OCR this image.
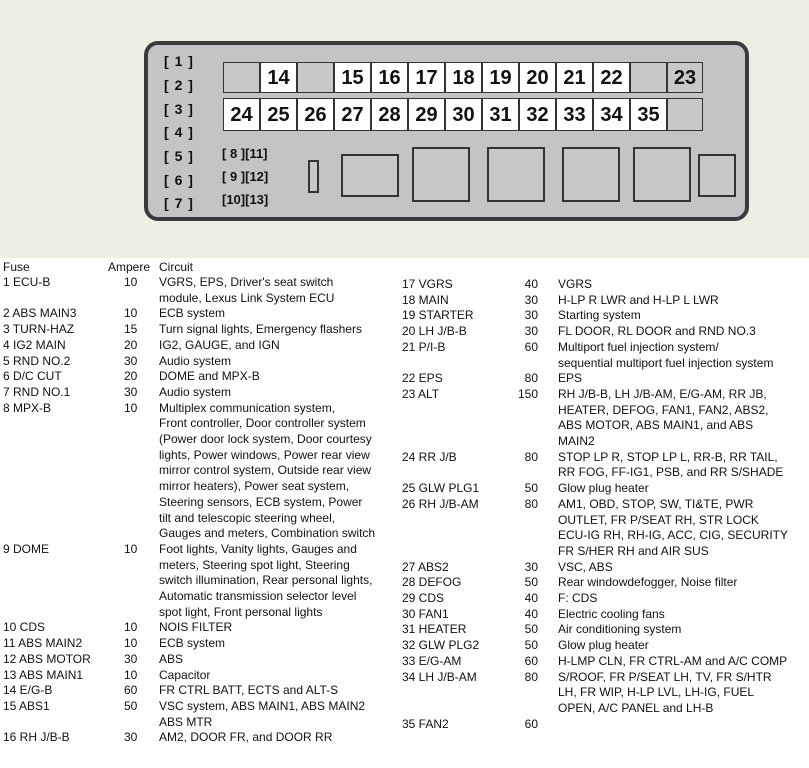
[ 1 ]
[ 2 ]
[ 3 ]
[ 4 ]
[ 5 ]
[ 6 ]
[ 7 ]
14	15 16 17 18 19 20 21 22	23
24 25 26 27 28 29 30 31 32 33 34 35
[ 8 ][11]
[ 9 ][12]
[10][13]
Fuse	Ampere Circuit
1 ECU-B	10 VGRS, EPS, Driver's seat switch
module, Lexus Link System ECU
2 ABS MAIN3	10 ECB system
3 TURN-HAZ	15 Turn signal lights, Emergency flashers
4 IG2 MAIN	20 IG2, GAUGE, and IGN
5 RND NO.2	30 Audio system
6 D/C CUT	20 DOME and MPX-B
7 RND NO.1	30 Audio system
8 MPX-B	10 Multiplex communication system,
Front controller, Door controller system
(Power door lock system, Door courtesy
lights, Power windows, Power rear view
mirror control system, Outside rear view
mirror heaters), Power seat system,
Steering sensors, ECB system, Power
tilt and telescopic steering wheel,
Gauges and meters, Combination switch
9 DOME	10 Foot lights, Vanity lights, Gauges and
meters, Steering spot light, Steering
switch illumination, Rear personal lights,
Automatic transmission selector level
spot light, Front personal lights
10 CDS	10 NOIS FILTER
11 ABS MAIN2	10 ECB system
12 ABS MOTOR	30 ABS
13 ABS MAIN1	10 Capacitor
14 E/G-B	60 FR CTRL BATT, ECTS and ALT-S
15 ABS1	50 VSC system, ABS MAIN1, ABS MAIN2
ABS MTR
16 RH J/B-B	30 AM2, DOOR FR, and DOOR RR
17 VGRS	40 VGRS
18 MAIN	30 H-LP R LWR and H-LP L LWR
19 STARTER	30 Starting system
20 LH J/B-B	30 FL DOOR, RL DOOR and RND NO.3
21 P/I-B	60 Multiport fuel injection system/
sequential multiport fuel injection system
22 EPS	80 EPS
23 ALT	150 RH J/B-B, LH J/B-AM, E/G-AM, RR JB,
HEATER, DEFOG, FAN1, FAN2, ABS2,
ABS MOTOR, ABS MAIN1, and ABS
MAIN2
24 RR J/B	80 STOP LP R, STOP LP L, RR-B, RR TAIL,
RR FOG, FF-IG1, PSB, and RR S/SHADE
25 GLW PLG1	50 Glow plug heater
26 RH J/B-AM	80 AM1, OBD, STOP, SW, TI&TE, PWR
OUTLET, FR P/SEAT RH, STR LOCK
ECU-IG RH, RH-IG, ACC, CIG, SECURITY
FR S/HER RH and AIR SUS
27 ABS2	30 VSC, ABS
28 DEFOG	50 Rear windowdefogger, Noise filter
29 CDS	40 F: CDS
30 FAN1	40 Electric cooling fans
31 HEATER	50 Air conditioning system
32 GLW PLG2	50 Glow plug heater
33 E/G-AM	60 H-LMP CLN, FR CTRL-AM and A/C COMP
34 LH J/B-AM	80 S/ROOF, FR P/SEAT LH, TV, FR S/HTR
LH, FR WIP, H-LP LVL, LH-IG, FUEL
OPEN, A/C PANEL and LH-B
35 FAN2	60
